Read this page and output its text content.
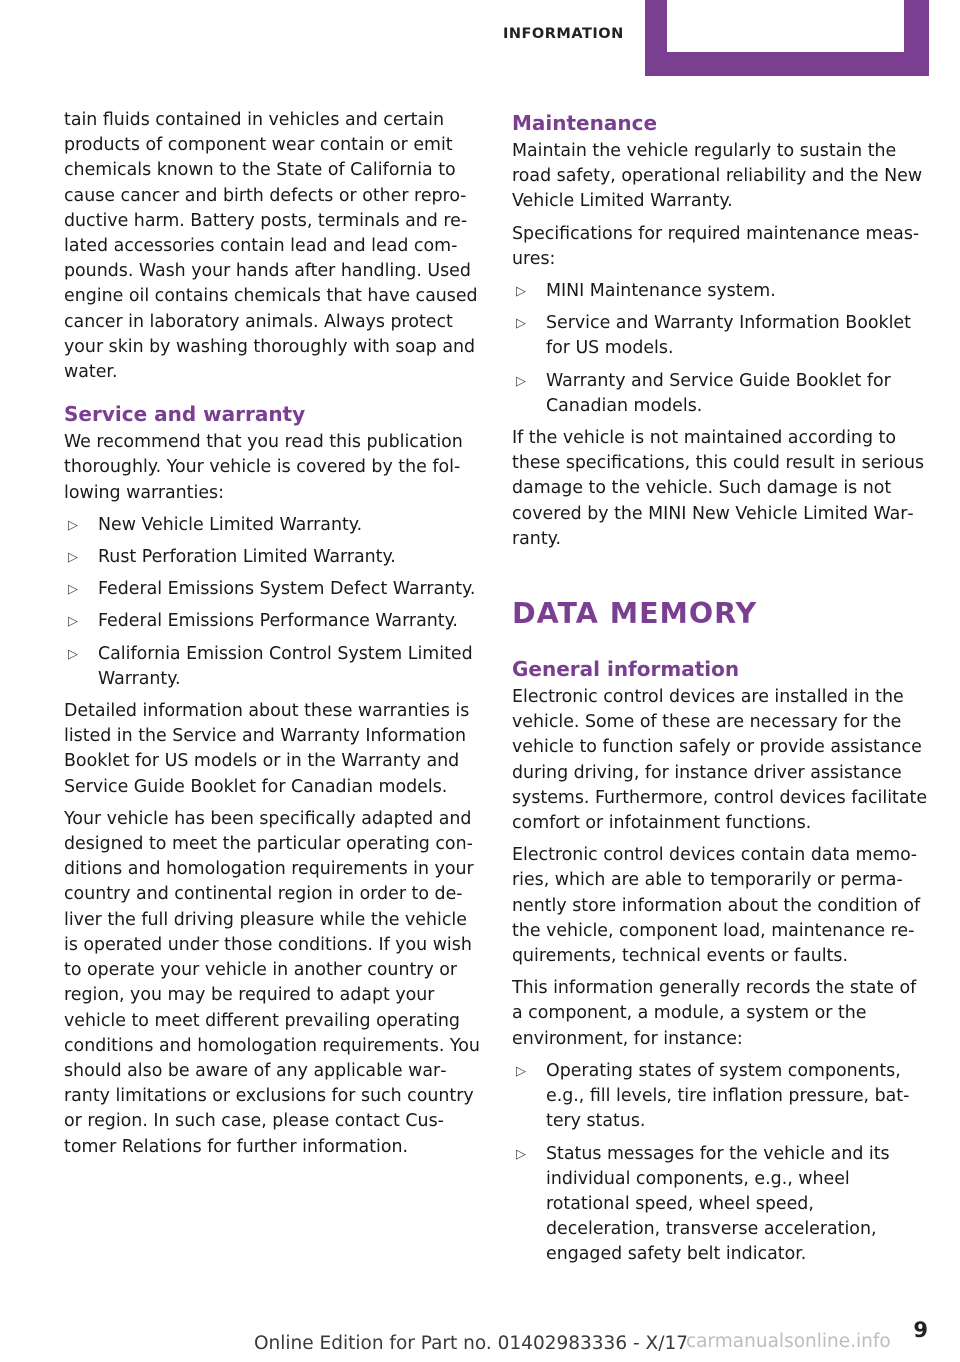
INFORMATION

tain fluids contained in vehicles and certain products of component wear contain or emit chemicals known to the State of California to cause cancer and birth defects or other reproductive harm. Battery posts, terminals and related accessories contain lead and lead compounds. Wash your hands after handling. Used engine oil contains chemicals that have caused cancer in laboratory animals. Always protect your skin by washing thoroughly with soap and water.

Service and warranty

We recommend that you read this publication thoroughly. Your vehicle is covered by the following warranties:

▷ New Vehicle Limited Warranty.
▷ Rust Perforation Limited Warranty.
▷ Federal Emissions System Defect Warranty.
▷ Federal Emissions Performance Warranty.
▷ California Emission Control System Limited Warranty.

Detailed information about these warranties is listed in the Service and Warranty Information Booklet for US models or in the Warranty and Service Guide Booklet for Canadian models.

Your vehicle has been specifically adapted and designed to meet the particular operating conditions and homologation requirements in your country and continental region in order to deliver the full driving pleasure while the vehicle is operated under those conditions. If you wish to operate your vehicle in another country or region, you may be required to adapt your vehicle to meet different prevailing operating conditions and homologation requirements. You should also be aware of any applicable warranty limitations or exclusions for such country or region. In such case, please contact Customer Relations for further information.

Maintenance

Maintain the vehicle regularly to sustain the road safety, operational reliability and the New Vehicle Limited Warranty.

Specifications for required maintenance measures:

▷ MINI Maintenance system.
▷ Service and Warranty Information Booklet for US models.
▷ Warranty and Service Guide Booklet for Canadian models.

If the vehicle is not maintained according to these specifications, this could result in serious damage to the vehicle. Such damage is not covered by the MINI New Vehicle Limited Warranty.

DATA MEMORY
General information

Electronic control devices are installed in the vehicle. Some of these are necessary for the vehicle to function safely or provide assistance during driving, for instance driver assistance systems. Furthermore, control devices facilitate comfort or infotainment functions.

Electronic control devices contain data memories, which are able to temporarily or permanently store information about the condition of the vehicle, component load, maintenance requirements, technical events or faults.

This information generally records the state of a component, a module, a system or the environment, for instance:

▷ Operating states of system components, e.g., fill levels, tire inflation pressure, battery status.
▷ Status messages for the vehicle and its individual components, e.g., wheel rotational speed, wheel speed, deceleration, transverse acceleration, engaged safety belt indicator.
Online Edition for Part no. 01402983336 - X/17
carmanualsonline.info 9
